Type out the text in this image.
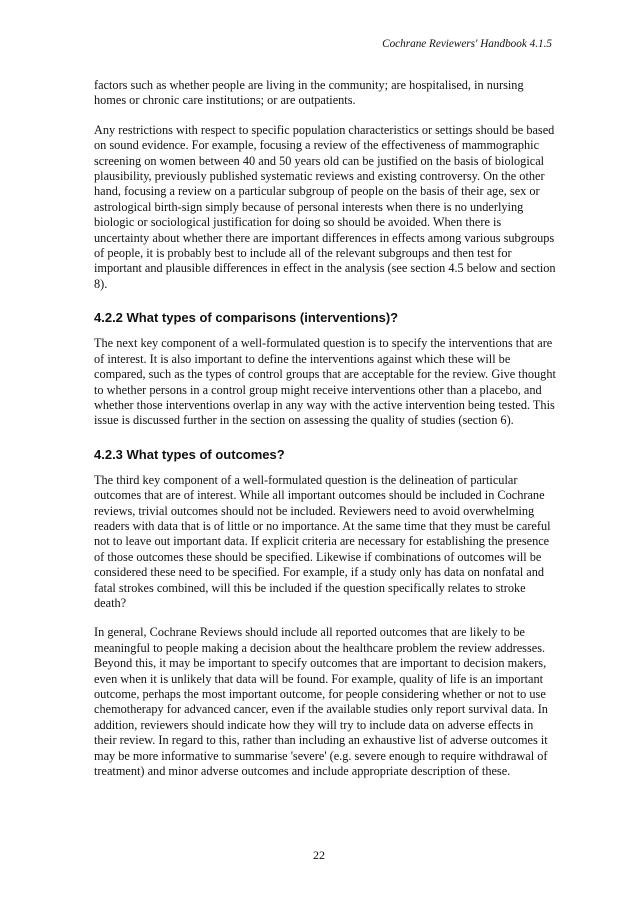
Cochrane Reviewers' Handbook 4.1.5

factors such as whether people are living in the community; are hospitalised, in nursing homes or chronic care institutions; or are outpatients.

Any restrictions with respect to specific population characteristics or settings should be based on sound evidence. For example, focusing a review of the effectiveness of mammographic screening on women between 40 and 50 years old can be justified on the basis of biological plausibility, previously published systematic reviews and existing controversy. On the other hand, focusing a review on a particular subgroup of people on the basis of their age, sex or astrological birth-sign simply because of personal interests when there is no underlying biologic or sociological justification for doing so should be avoided. When there is uncertainty about whether there are important differences in effects among various subgroups of people, it is probably best to include all of the relevant subgroups and then test for important and plausible differences in effect in the analysis (see section 4.5 below and section 8).

4.2.2 What types of comparisons (interventions)?

The next key component of a well-formulated question is to specify the interventions that are of interest. It is also important to define the interventions against which these will be compared, such as the types of control groups that are acceptable for the review. Give thought to whether persons in a control group might receive interventions other than a placebo, and whether those interventions overlap in any way with the active intervention being tested. This issue is discussed further in the section on assessing the quality of studies (section 6).

4.2.3 What types of outcomes?

The third key component of a well-formulated question is the delineation of particular outcomes that are of interest. While all important outcomes should be included in Cochrane reviews, trivial outcomes should not be included. Reviewers need to avoid overwhelming readers with data that is of little or no importance. At the same time that they must be careful not to leave out important data. If explicit criteria are necessary for establishing the presence of those outcomes these should be specified. Likewise if combinations of outcomes will be considered these need to be specified. For example, if a study only has data on nonfatal and fatal strokes combined, will this be included if the question specifically relates to stroke death?

In general, Cochrane Reviews should include all reported outcomes that are likely to be meaningful to people making a decision about the healthcare problem the review addresses. Beyond this, it may be important to specify outcomes that are important to decision makers, even when it is unlikely that data will be found. For example, quality of life is an important outcome, perhaps the most important outcome, for people considering whether or not to use chemotherapy for advanced cancer, even if the available studies only report survival data. In addition, reviewers should indicate how they will try to include data on adverse effects in their review. In regard to this, rather than including an exhaustive list of adverse outcomes it may be more informative to summarise 'severe' (e.g. severe enough to require withdrawal of treatment) and minor adverse outcomes and include appropriate description of these.

22
